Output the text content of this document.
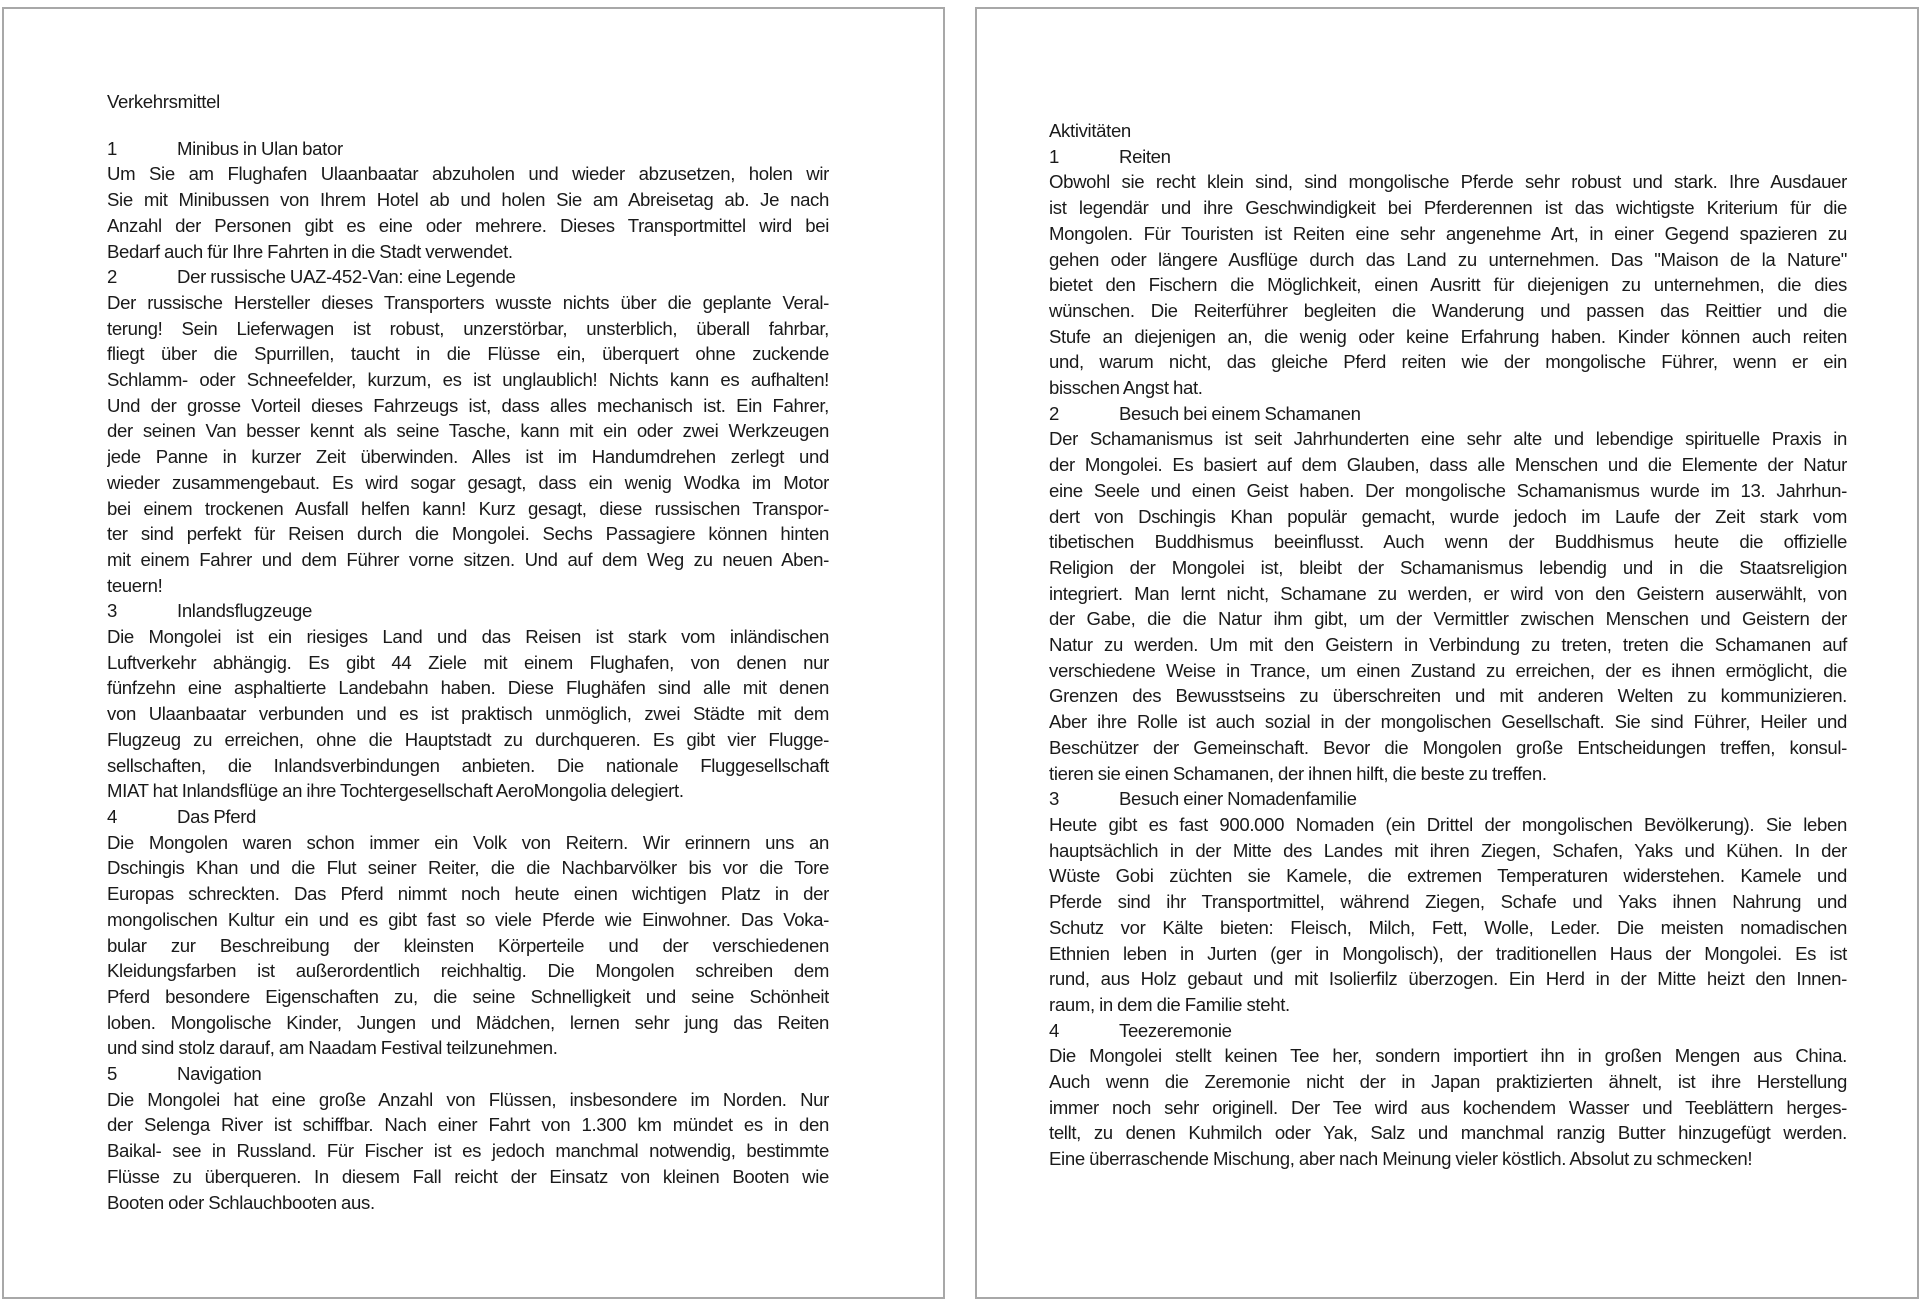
Verkehrsmittel
1	Minibus in Ulan bator
Um Sie am Flughafen Ulaanbaatar abzuholen und wieder abzusetzen, holen wir
Sie mit Minibussen von Ihrem Hotel ab und holen Sie am Abreisetag ab. Je nach
Anzahl der Personen gibt es eine oder mehrere. Dieses Transportmittel wird bei
Bedarf auch für Ihre Fahrten in die Stadt verwendet.
2	Der russische UAZ-452-Van: eine Legende
Der russische Hersteller dieses Transporters wusste nichts über die geplante Veral-
terung! Sein Lieferwagen ist robust, unzerstörbar, unsterblich, überall fahrbar,
fliegt über die Spurrillen, taucht in die Flüsse ein, überquert ohne zuckende
Schlamm- oder Schneefelder, kurzum, es ist unglaublich! Nichts kann es aufhalten!
Und der grosse Vorteil dieses Fahrzeugs ist, dass alles mechanisch ist. Ein Fahrer,
der seinen Van besser kennt als seine Tasche, kann mit ein oder zwei Werkzeugen
jede Panne in kurzer Zeit überwinden. Alles ist im Handumdrehen zerlegt und
wieder zusammengebaut. Es wird sogar gesagt, dass ein wenig Wodka im Motor
bei einem trockenen Ausfall helfen kann! Kurz gesagt, diese russischen Transpor-
ter sind perfekt für Reisen durch die Mongolei. Sechs Passagiere können hinten
mit einem Fahrer und dem Führer vorne sitzen. Und auf dem Weg zu neuen Aben-
teuern!
3	Inlandsflugzeuge
Die Mongolei ist ein riesiges Land und das Reisen ist stark vom inländischen
Luftverkehr abhängig. Es gibt 44 Ziele mit einem Flughafen, von denen nur
fünfzehn eine asphaltierte Landebahn haben. Diese Flughäfen sind alle mit denen
von Ulaanbaatar verbunden und es ist praktisch unmöglich, zwei Städte mit dem
Flugzeug zu erreichen, ohne die Hauptstadt zu durchqueren. Es gibt vier Flugge-
sellschaften, die Inlandsverbindungen anbieten. Die nationale Fluggesellschaft
MIAT hat Inlandsflüge an ihre Tochtergesellschaft AeroMongolia delegiert.
4	Das Pferd
Die Mongolen waren schon immer ein Volk von Reitern. Wir erinnern uns an
Dschingis Khan und die Flut seiner Reiter, die die Nachbarvölker bis vor die Tore
Europas schreckten. Das Pferd nimmt noch heute einen wichtigen Platz in der
mongolischen Kultur ein und es gibt fast so viele Pferde wie Einwohner. Das Voka-
bular zur Beschreibung der kleinsten Körperteile und der verschiedenen
Kleidungsfarben ist außerordentlich reichhaltig. Die Mongolen schreiben dem
Pferd besondere Eigenschaften zu, die seine Schnelligkeit und seine Schönheit
loben. Mongolische Kinder, Jungen und Mädchen, lernen sehr jung das Reiten
und sind stolz darauf, am Naadam Festival teilzunehmen.
5	Navigation
Die Mongolei hat eine große Anzahl von Flüssen, insbesondere im Norden. Nur
der Selenga River ist schiffbar. Nach einer Fahrt von 1.300 km mündet es in den
Baikal- see in Russland. Für Fischer ist es jedoch manchmal notwendig, bestimmte
Flüsse zu überqueren. In diesem Fall reicht der Einsatz von kleinen Booten wie
Booten oder Schlauchbooten aus.
Aktivitäten
1	Reiten
Obwohl sie recht klein sind, sind mongolische Pferde sehr robust und stark. Ihre Ausdauer
ist legendär und ihre Geschwindigkeit bei Pferderennen ist das wichtigste Kriterium für die
Mongolen. Für Touristen ist Reiten eine sehr angenehme Art, in einer Gegend spazieren zu
gehen oder längere Ausflüge durch das Land zu unternehmen. Das "Maison de la Nature"
bietet den Fischern die Möglichkeit, einen Ausritt für diejenigen zu unternehmen, die dies
wünschen. Die Reiterführer begleiten die Wanderung und passen das Reittier und die
Stufe an diejenigen an, die wenig oder keine Erfahrung haben. Kinder können auch reiten
und, warum nicht, das gleiche Pferd reiten wie der mongolische Führer, wenn er ein
bisschen Angst hat.
2	Besuch bei einem Schamanen
Der Schamanismus ist seit Jahrhunderten eine sehr alte und lebendige spirituelle Praxis in
der Mongolei. Es basiert auf dem Glauben, dass alle Menschen und die Elemente der Natur
eine Seele und einen Geist haben. Der mongolische Schamanismus wurde im 13. Jahrhun-
dert von Dschingis Khan populär gemacht, wurde jedoch im Laufe der Zeit stark vom
tibetischen Buddhismus beeinflusst. Auch wenn der Buddhismus heute die offizielle
Religion der Mongolei ist, bleibt der Schamanismus lebendig und in die Staatsreligion
integriert. Man lernt nicht, Schamane zu werden, er wird von den Geistern auserwählt, von
der Gabe, die die Natur ihm gibt, um der Vermittler zwischen Menschen und Geistern der
Natur zu werden. Um mit den Geistern in Verbindung zu treten, treten die Schamanen auf
verschiedene Weise in Trance, um einen Zustand zu erreichen, der es ihnen ermöglicht, die
Grenzen des Bewusstseins zu überschreiten und mit anderen Welten zu kommunizieren.
Aber ihre Rolle ist auch sozial in der mongolischen Gesellschaft. Sie sind Führer, Heiler und
Beschützer der Gemeinschaft. Bevor die Mongolen große Entscheidungen treffen, konsul-
tieren sie einen Schamanen, der ihnen hilft, die beste zu treffen.
3	Besuch einer Nomadenfamilie
Heute gibt es fast 900.000 Nomaden (ein Drittel der mongolischen Bevölkerung). Sie leben
hauptsächlich in der Mitte des Landes mit ihren Ziegen, Schafen, Yaks und Kühen. In der
Wüste Gobi züchten sie Kamele, die extremen Temperaturen widerstehen. Kamele und
Pferde sind ihr Transportmittel, während Ziegen, Schafe und Yaks ihnen Nahrung und
Schutz vor Kälte bieten: Fleisch, Milch, Fett, Wolle, Leder. Die meisten nomadischen
Ethnien leben in Jurten (ger in Mongolisch), der traditionellen Haus der Mongolei. Es ist
rund, aus Holz gebaut und mit Isolierfilz überzogen. Ein Herd in der Mitte heizt den Innen-
raum, in dem die Familie steht.
4	Teezeremonie
Die Mongolei stellt keinen Tee her, sondern importiert ihn in großen Mengen aus China.
Auch wenn die Zeremonie nicht der in Japan praktizierten ähnelt, ist ihre Herstellung
immer noch sehr originell. Der Tee wird aus kochendem Wasser und Teeblättern herges-
tellt, zu denen Kuhmilch oder Yak, Salz und manchmal ranzig Butter hinzugefügt werden.
Eine überraschende Mischung, aber nach Meinung vieler köstlich. Absolut zu schmecken!
